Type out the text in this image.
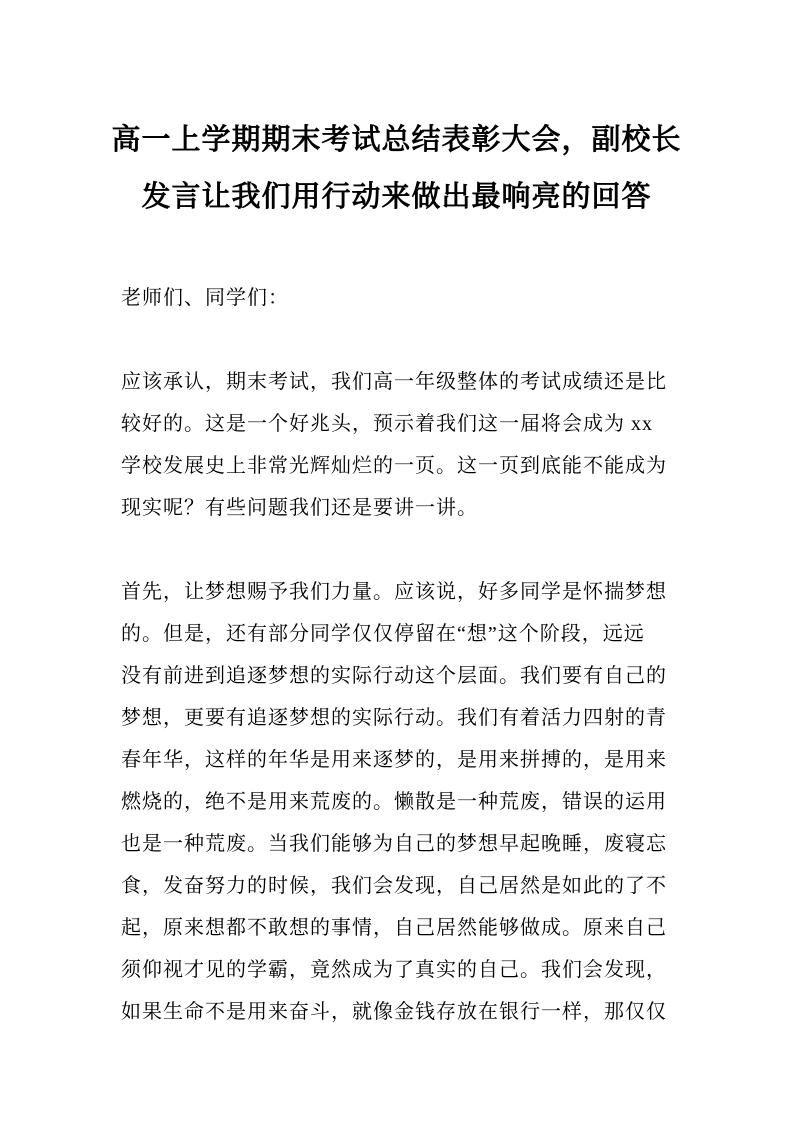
高一上学期期末考试总结表彰大会，副校长
发言让我们用行动来做出最响亮的回答
老师们、同学们：
应该承认，期末考试，我们高一年级整体的考试成绩还是比
较好的。这是一个好兆头，预示着我们这一届将会成为 xx
学校发展史上非常光辉灿烂的一页。这一页到底能不能成为
现实呢？有些问题我们还是要讲一讲。
首先，让梦想赐予我们力量。应该说，好多同学是怀揣梦想
的。但是，还有部分同学仅仅停留在“想”这个阶段，远远
没有前进到追逐梦想的实际行动这个层面。我们要有自己的
梦想，更要有追逐梦想的实际行动。我们有着活力四射的青
春年华，这样的年华是用来逐梦的，是用来拼搏的，是用来
燃烧的，绝不是用来荒废的。懒散是一种荒废，错误的运用
也是一种荒废。当我们能够为自己的梦想早起晚睡，废寝忘
食，发奋努力的时候，我们会发现，自己居然是如此的了不
起，原来想都不敢想的事情，自己居然能够做成。原来自己
须仰视才见的学霸，竟然成为了真实的自己。我们会发现，
如果生命不是用来奋斗，就像金钱存放在银行一样，那仅仅
